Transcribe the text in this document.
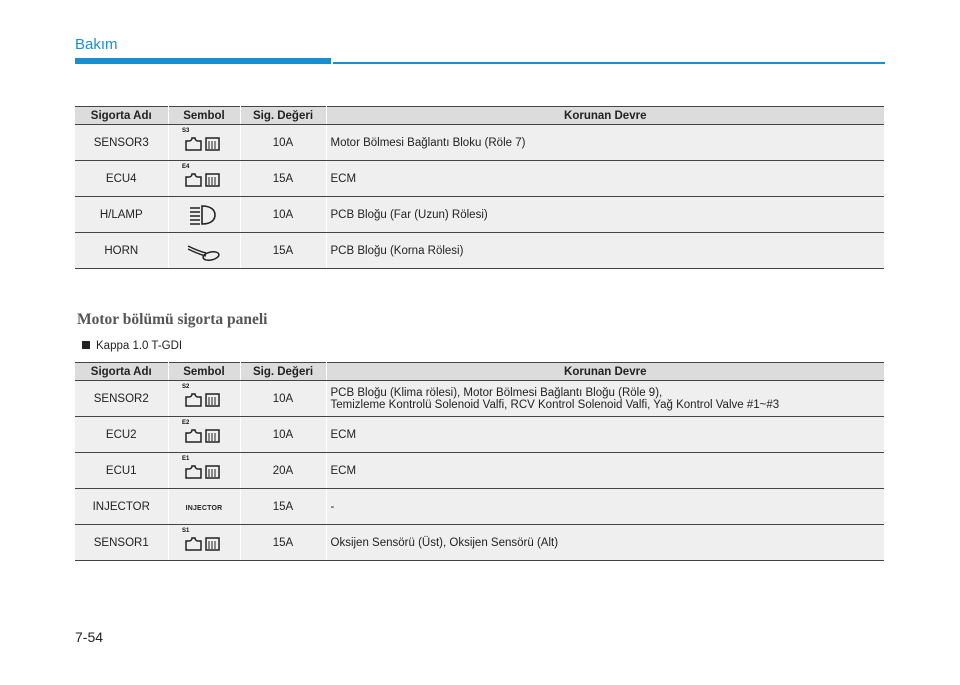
Bakım
Sigorta Adı	Sembol	Sig. Değeri	Korunan Devre
SENSOR3	S3	10A	Motor Bölmesi Bağlantı Bloku (Röle 7)
ECU4	E4	15A	ECM
H/LAMP		10A	PCB Bloğu (Far (Uzun) Rölesi)
HORN		15A	PCB Bloğu (Korna Rölesi)
Motor bölümü sigorta paneli
Kappa 1.0 T-GDI
Sigorta Adı	Sembol	Sig. Değeri	Korunan Devre
SENSOR2	S2	10A	PCB Bloğu (Klima rölesi), Motor Bölmesi Bağlantı Bloğu (Röle 9),
Temizleme Kontrolü Solenoid Valfi, RCV Kontrol Solenoid Valfi, Yağ Kontrol Valve #1~#3

ECU2	E2	10A	ECM

ECU1	E1	20A	ECM

INJECTOR	INJECTOR	15A	-

SENSOR1	S1	15A	Oksijen Sensörü (Üst), Oksijen Sensörü (Alt)
7-54
